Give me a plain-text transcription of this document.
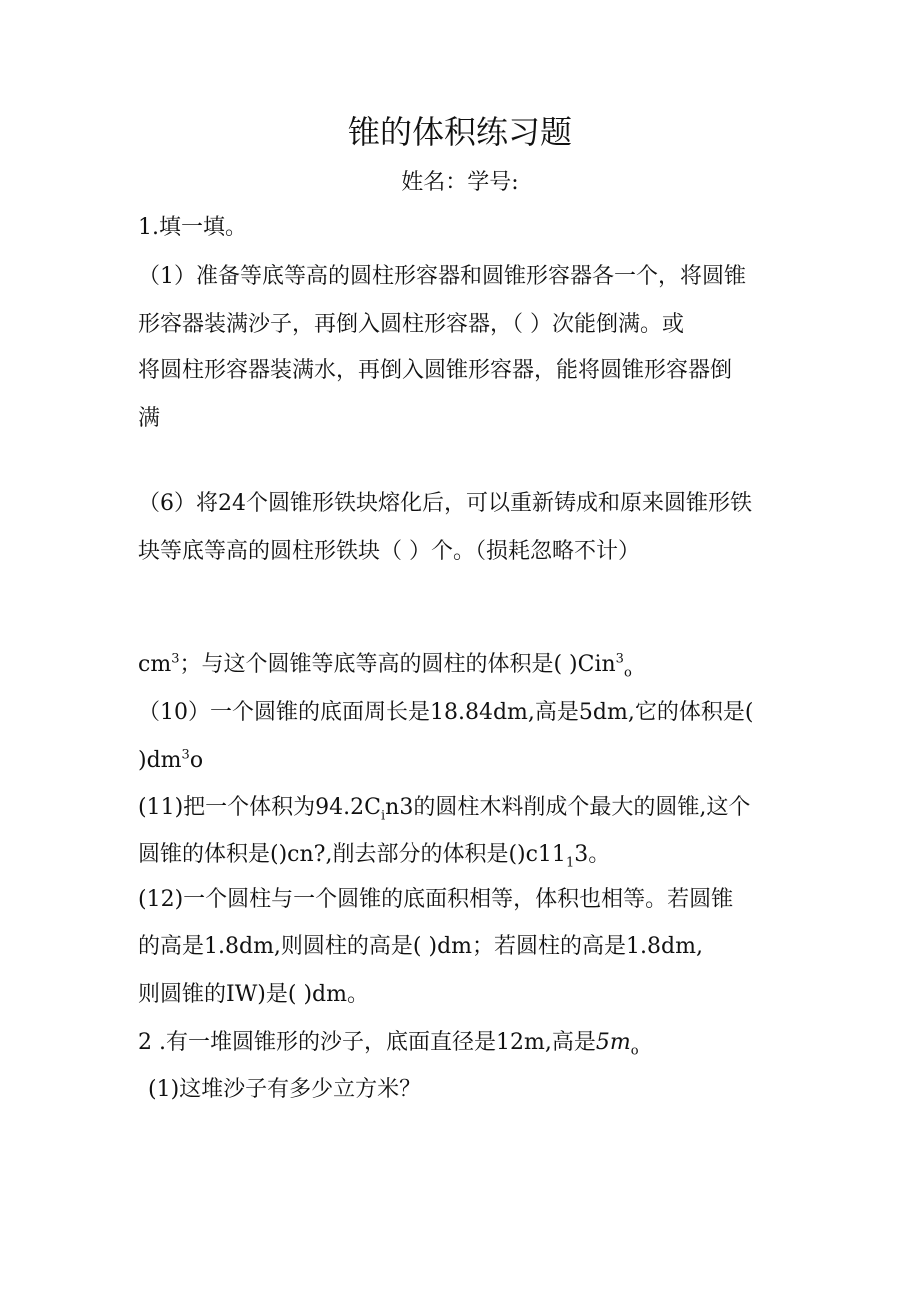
锥的体积练习题
姓名：学号:
1.填一填。
（1）准备等底等高的圆柱形容器和圆锥形容器各一个，将圆锥
形容器装满沙子，再倒入圆柱形容器，（ ）次能倒满。或
将圆柱形容器装满水，再倒入圆锥形容器，能将圆锥形容器倒
满
（6）将24个圆锥形铁块熔化后，可以重新铸成和原来圆锥形铁
块等底等高的圆柱形铁块（ ）个。（损耗忽略不计）
$cm^3$；与这个圆锥等底等高的圆柱的体积是( )Cin$^3_o$
（10）一个圆锥的底面周长是18.84dm,高是5dm,它的体积是(
)$dm^3o$
(11)把一个体积为$94.2C_in3$的圆柱木料削成个最大的圆锥,这个
圆锥的体积是()cn?,削去部分的体积是$()c11_13$。
(12)一个圆柱与一个圆锥的底面积相等，体积也相等。若圆锥
的高是1.8dm,则圆柱的高是( )dm；若圆柱的高是1.8dm,
则圆锥的IW)是( )dm。
2 .有一堆圆锥形的沙子，底面直径是12m,高是$5m_o$
(1)这堆沙子有多少立方米？
